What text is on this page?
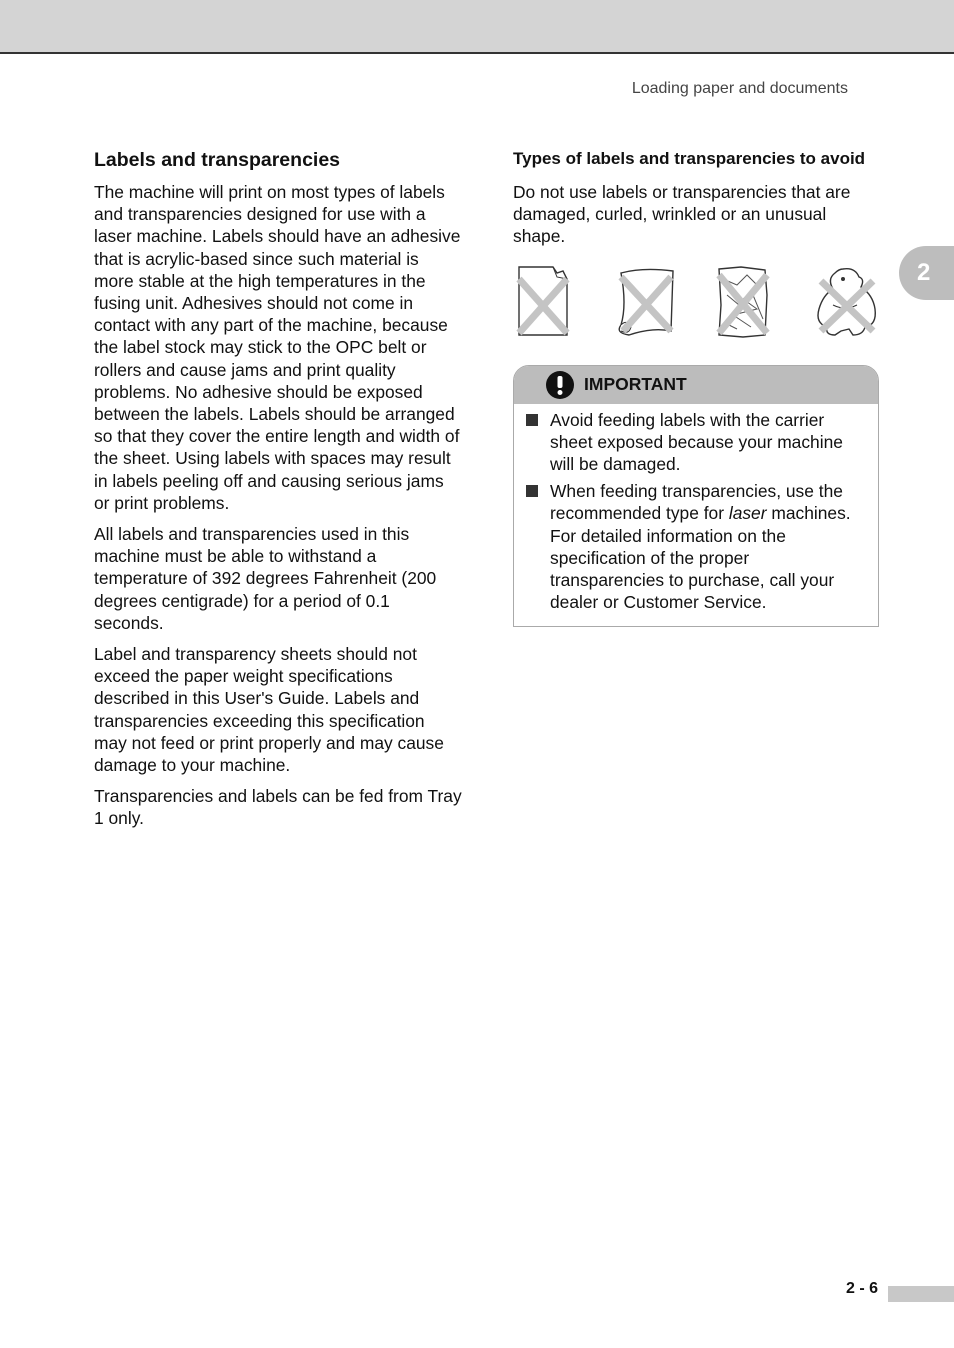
Loading paper and documents
2
Labels and transparencies

The machine will print on most types of labels and transparencies designed for use with a laser machine. Labels should have an adhesive that is acrylic-based since such material is more stable at the high temperatures in the fusing unit. Adhesives should not come in contact with any part of the machine, because the label stock may stick to the OPC belt or rollers and cause jams and print quality problems. No adhesive should be exposed between the labels. Labels should be arranged so that they cover the entire length and width of the sheet. Using labels with spaces may result in labels peeling off and causing serious jams or print problems.

All labels and transparencies used in this machine must be able to withstand a temperature of 392 degrees Fahrenheit (200 degrees centigrade) for a period of 0.1 seconds.

Label and transparency sheets should not exceed the paper weight specifications described in this User's Guide. Labels and transparencies exceeding this specification may not feed or print properly and may cause damage to your machine.

Transparencies and labels can be fed from Tray 1 only.

Types of labels and transparencies to avoid

Do not use labels or transparencies that are damaged, curled, wrinkled or an unusual shape.

IMPORTANT
Avoid feeding labels with the carrier sheet exposed because your machine will be damaged.
When feeding transparencies, use the recommended type for laser machines. For detailed information on the specification of the proper transparencies to purchase, call your dealer or Customer Service.
2 - 6
